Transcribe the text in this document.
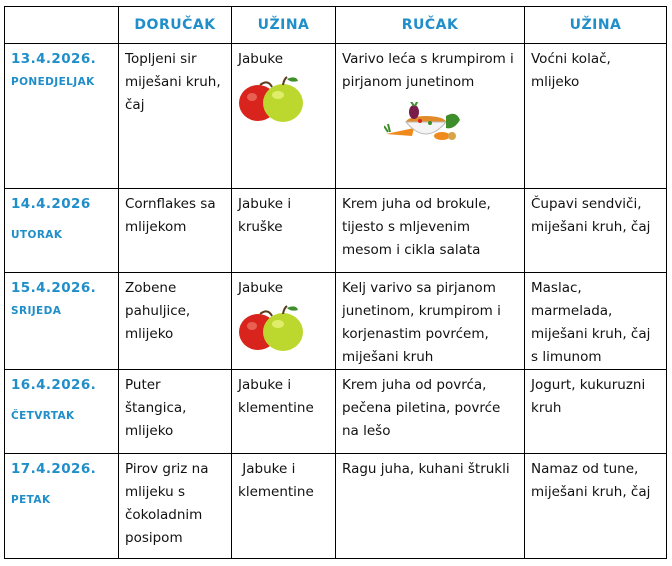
	DORUČAK	UŽINA	RUČAK	UŽINA

13.4.2026.
PONEDJELJAK	Topljeni sir
miješani kruh,
čaj	Jabuke	Varivo leća s krumpirom i
pirjanom junetinom	Voćni kolač,
mlijeko

14.4.2026
UTORAK	Cornflakes sa
mlijekom	Jabuke i
kruške	Krem juha od brokule,
tijesto s mljevenim
mesom i cikla salata	Čupavi sendviči,
miješani kruh, čaj

15.4.2026.
SRIJEDA	Zobene
pahuljice,
mlijeko	Jabuke	Kelj varivo sa pirjanom
junetinom, krumpirom i
korjenastim povrćem,
miješani kruh	Maslac,
marmelada,
miješani kruh, čaj
s limunom

16.4.2026.
ČETVRTAK	Puter
štangica,
mlijeko	Jabuke i
klementine	Krem juha od povrća,
pečena piletina, povrće
na lešo	Jogurt, kukuruzni
kruh

17.4.2026.
PETAK	Pirov griz na
mlijeku s
čokoladnim
posipom	Jabuke i
klementine	Ragu juha, kuhani štrukli	Namaz od tune,
miješani kruh, čaj
